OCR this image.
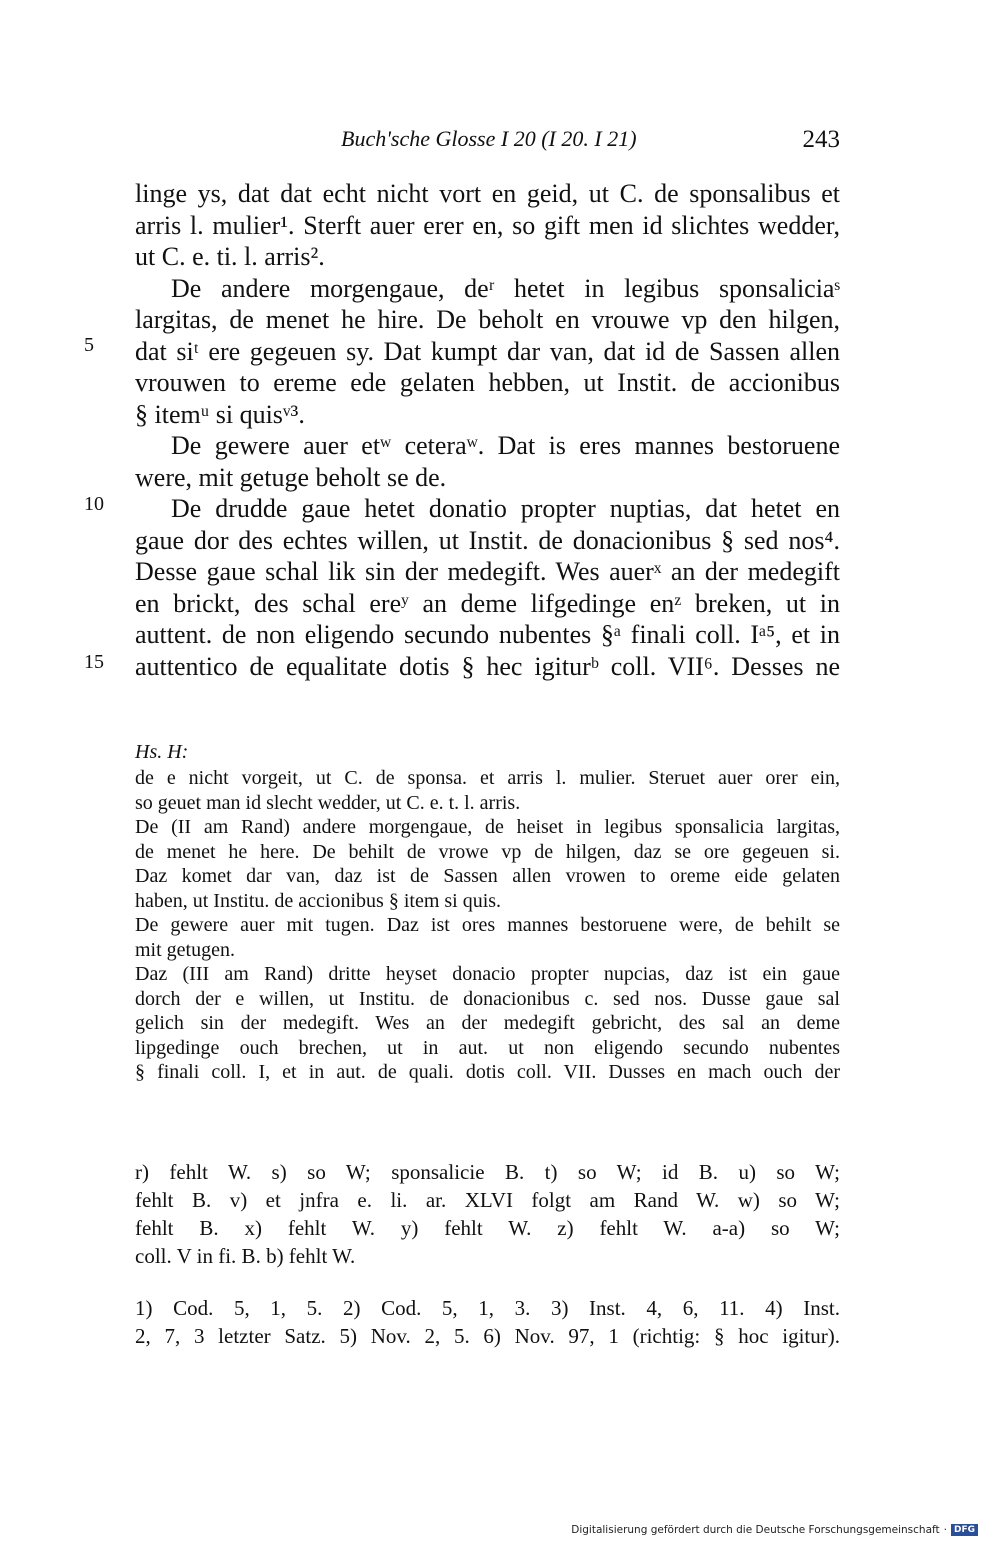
Buch'sche Glosse I 20 (I 20. I 21)	243
5
10
15
linge ys, dat dat echt nicht vort en geid, ut C. de sponsalibus et
arris l. mulier¹. Sterft auer erer en, so gift men id slichtes wedder,
ut C. e. ti. l. arris².
De andere morgengaue, deʳ hetet in legibus sponsaliciaˢ
largitas, de menet he hire. De beholt en vrouwe vp den hilgen,
dat siᵗ ere gegeuen sy. Dat kumpt dar van, dat id de Sassen allen
vrouwen to ereme ede gelaten hebben, ut Instit. de accionibus
§ itemᵘ si quisᵛ³.
De gewere auer etʷ ceteraʷ. Dat is eres mannes bestoruene
were, mit getuge beholt se de.
De drudde gaue hetet donatio propter nuptias, dat hetet en
gaue dor des echtes willen, ut Instit. de donacionibus § sed nos⁴.
Desse gaue schal lik sin der medegift. Wes auerˣ an der medegift
en brickt, des schal ereʸ an deme lifgedinge enᶻ breken, ut in
auttent. de non eligendo secundo nubentes §ᵃ finali coll. Iᵃ⁵, et in
auttentico de equalitate dotis § hec igiturᵇ coll. VII⁶. Desses ne
Hs. H:
de e nicht vorgeit, ut C. de sponsa. et arris l. mulier. Steruet auer orer ein,
so geuet man id slecht wedder, ut C. e. t. l. arris.
De (II am Rand) andere morgengaue, de heiset in legibus sponsalicia largitas,
de menet he here. De behilt de vrowe vp de hilgen, daz se ore gegeuen si.
Daz komet dar van, daz ist de Sassen allen vrowen to oreme eide gelaten
haben, ut Institu. de accionibus § item si quis.
De gewere auer mit tugen. Daz ist ores mannes bestoruene were, de behilt se
mit getugen.
Daz (III am Rand) dritte heyset donacio propter nupcias, daz ist ein gaue
dorch der e willen, ut Institu. de donacionibus c. sed nos. Dusse gaue sal
gelich sin der medegift. Wes an der medegift gebricht, des sal an deme
lipgedinge ouch brechen, ut in aut. ut non eligendo secundo nubentes
§ finali coll. I, et in aut. de quali. dotis coll. VII. Dusses en mach ouch der
r) fehlt W. s) so W; sponsalicie B. t) so W; id B. u) so W;
fehlt B. v) et jnfra e. li. ar. XLVI folgt am Rand W. w) so W;
fehlt B. x) fehlt W. y) fehlt W. z) fehlt W. a-a) so W;
coll. V in fi. B. b) fehlt W.
1) Cod. 5, 1, 5. 2) Cod. 5, 1, 3. 3) Inst. 4, 6, 11. 4) Inst.
2, 7, 3 letzter Satz. 5) Nov. 2, 5. 6) Nov. 97, 1 (richtig: § hoc igitur).
Digitalisierung gefördert durch die Deutsche Forschungsgemeinschaft · DFG
